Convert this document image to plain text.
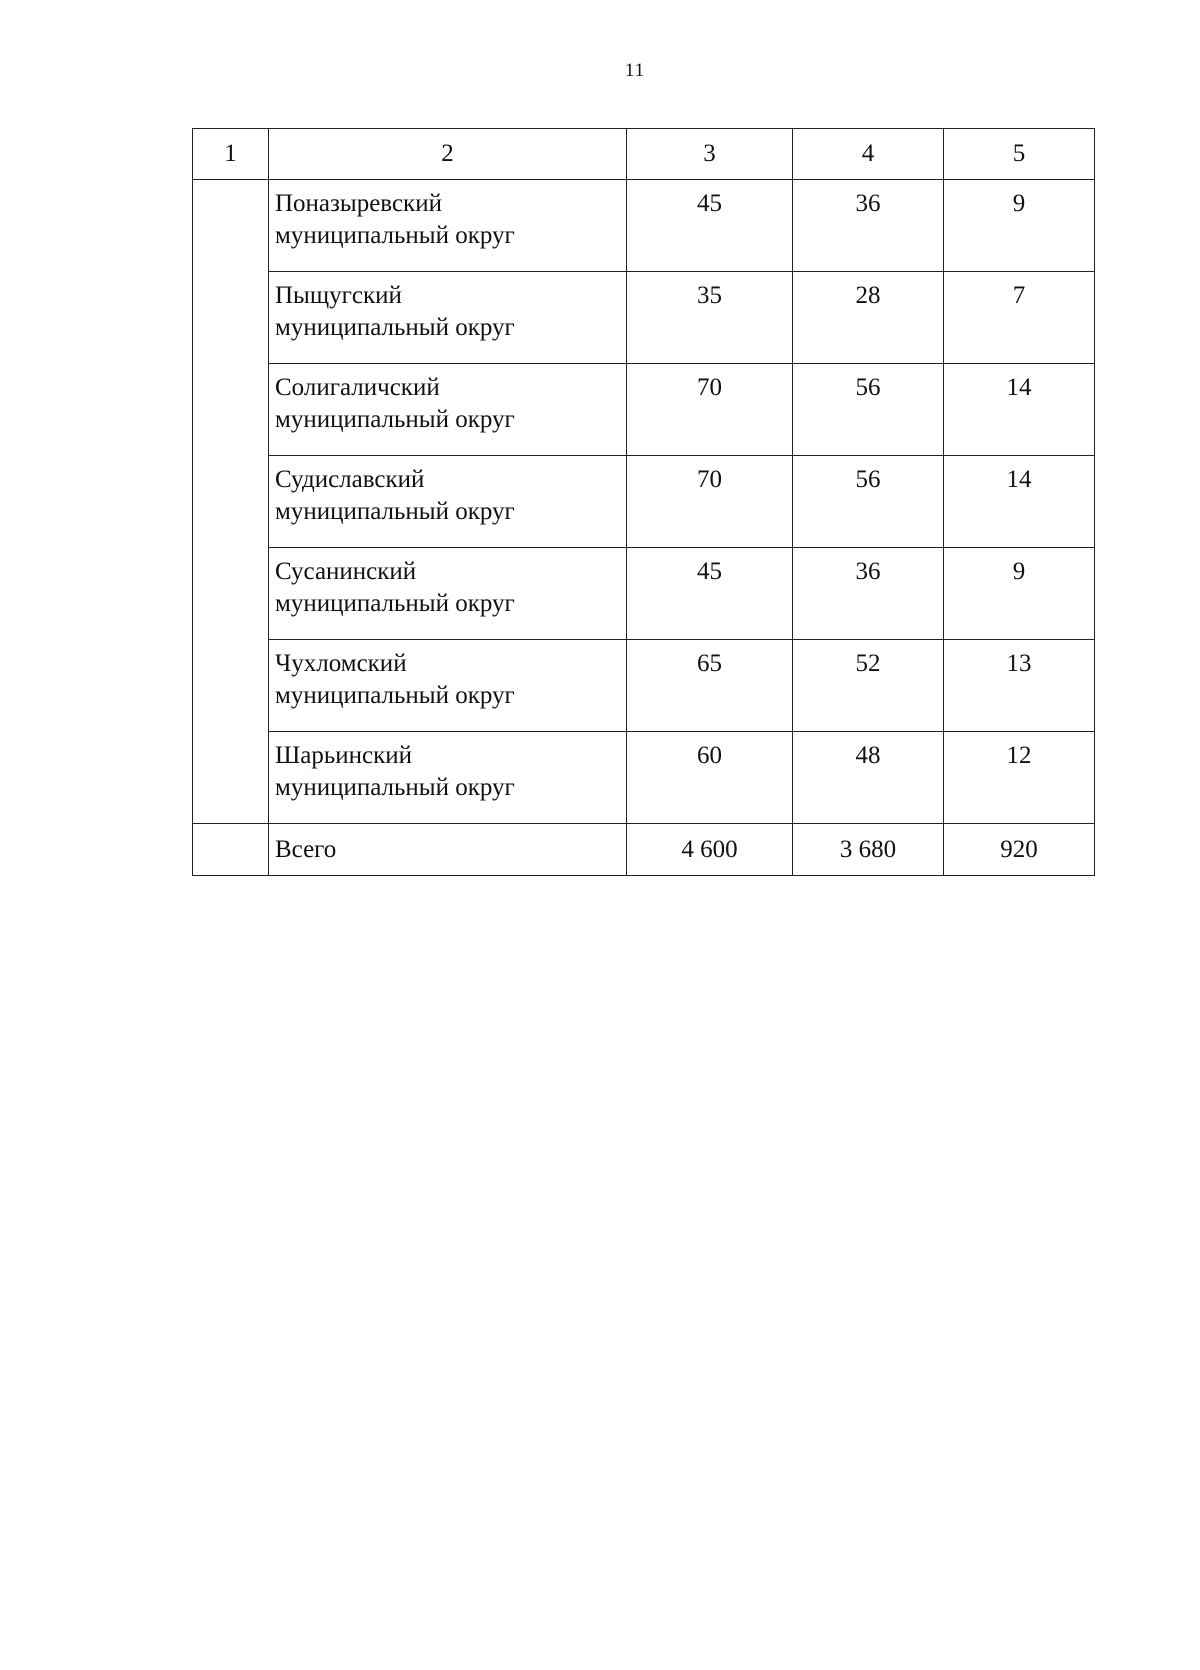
11
1	2	3	4	5

	Поназыревский
муниципальный округ	45	36	9

	Пыщугский
муниципальный округ	35	28	7

	Солигаличский
муниципальный округ	70	56	14

	Судиславский
муниципальный округ	70	56	14

	Сусанинский
муниципальный округ	45	36	9

	Чухломский
муниципальный округ	65	52	13

	Шарьинский
муниципальный округ	60	48	12
	Всего	4 600	3 680	920
